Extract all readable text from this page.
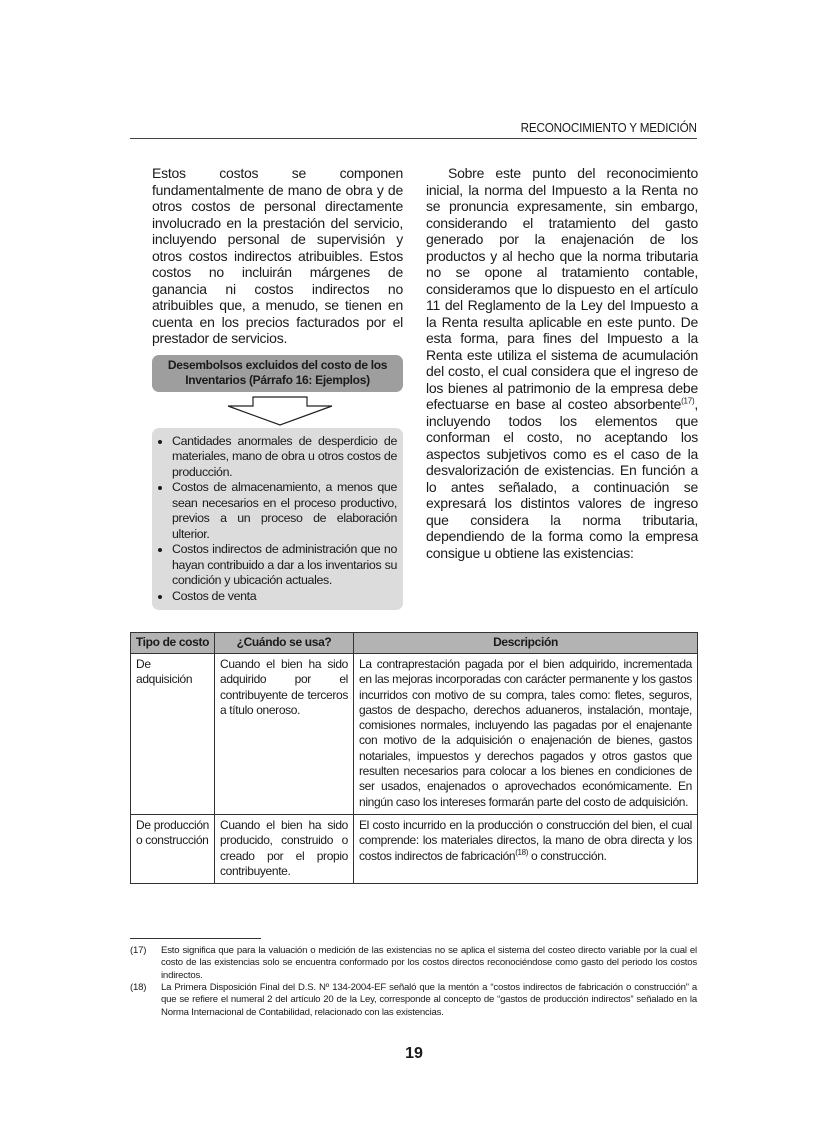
RECONOCIMIENTO Y MEDICIÓN

Estos costos se componen fundamentalmente de mano de obra y de otros costos de personal directamente involucrado en la prestación del servicio, incluyendo personal de supervisión y otros costos indirectos atribuibles. Estos costos no incluirán márgenes de ganancia ni costos indirectos no atribuibles que, a menudo, se tienen en cuenta en los precios facturados por el prestador de servicios.

Desembolsos excluidos del costo de los
Inventarios (Párrafo 16: Ejemplos)
• Cantidades anormales de desperdicio de materiales, mano de obra u otros costos de producción.
• Costos de almacenamiento, a menos que sean necesarios en el proceso productivo, previos a un proceso de elaboración ulterior.
• Costos indirectos de administración que no hayan contribuido a dar a los inventarios su condición y ubicación actuales.
• Costos de venta

Sobre este punto del reconocimiento inicial, la norma del Impuesto a la Renta no se pronuncia expresamente, sin embargo, considerando el tratamiento del gasto generado por la enajenación de los productos y al hecho que la norma tributaria no se opone al tratamiento contable, consideramos que lo dispuesto en el artículo 11 del Reglamento de la Ley del Impuesto a la Renta resulta aplicable en este punto. De esta forma, para fines del Impuesto a la Renta este utiliza el sistema de acumulación del costo, el cual considera que el ingreso de los bienes al patrimonio de la empresa debe efectuarse en base al costeo absorbente$^{(17)}$, incluyendo todos los elementos que conforman el costo, no aceptando los aspectos subjetivos como es el caso de la desvalorización de existencias. En función a lo antes señalado, a continuación se expresará los distintos valores de ingreso que considera la norma tributaria, dependiendo de la forma como la empresa consigue u obtiene las existencias:

Tipo de costo	¿Cuándo se usa?	Descripción
De adquisición	Cuando el bien ha sido adquirido por el contribuyente de terceros a título oneroso.	La contraprestación pagada por el bien adquirido, incrementada en las mejoras incorporadas con carácter permanente y los gastos incurridos con motivo de su compra, tales como: fletes, seguros, gastos de despacho, derechos aduaneros, instalación, montaje, comisiones normales, incluyendo las pagadas por el enajenante con motivo de la adquisición o enajenación de bienes, gastos notariales, impuestos y derechos pagados y otros gastos que resulten necesarios para colocar a los bienes en condiciones de ser usados, enajenados o aprovechados económicamente. En ningún caso los intereses formarán parte del costo de adquisición.
De producción o construcción	Cuando el bien ha sido producido, construido o creado por el propio contribuyente.	El costo incurrido en la producción o construcción del bien, el cual comprende: los materiales directos, la mano de obra directa y los costos indirectos de fabricación$^{(18)}$ o construcción.
(17)	Esto significa que para la valuación o medición de las existencias no se aplica el sistema del costeo directo variable por la cual el costo de las existencias solo se encuentra conformado por los costos directos reconociéndose como gasto del periodo los costos indirectos.
(18)	La Primera Disposición Final del D.S. Nº 134-2004-EF señaló que la mentón a “costos indirectos de fabricación o construcción” a que se refiere el numeral 2 del artículo 20 de la Ley, corresponde al concepto de “gastos de producción indirectos” señalado en la Norma Internacional de Contabilidad, relacionado con las existencias.
19
